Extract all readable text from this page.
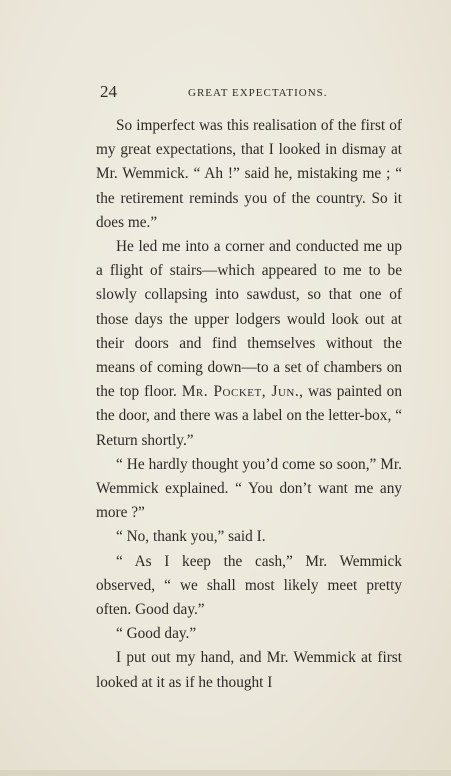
24	GREAT EXPECTATIONS.

So imperfect was this realisation of the first of my great expectations, that I looked in dismay at Mr. Wemmick. “ Ah !” said he, mistaking me ; “ the retirement reminds you of the country. So it does me.”

He led me into a corner and conducted me up a flight of stairs—which appeared to me to be slowly collapsing into sawdust, so that one of those days the upper lodgers would look out at their doors and find themselves without the means of coming down—to a set of chambers on the top floor. Mr. Pocket, Jun., was painted on the door, and there was a label on the letter-box, “ Return shortly.”

“ He hardly thought you’d come so soon,” Mr. Wemmick explained. “ You don’t want me any more ?”

“ No, thank you,” said I.

“ As I keep the cash,” Mr. Wemmick observed, “ we shall most likely meet pretty often. Good day.”

“ Good day.”

I put out my hand, and Mr. Wemmick at first looked at it as if he thought I
